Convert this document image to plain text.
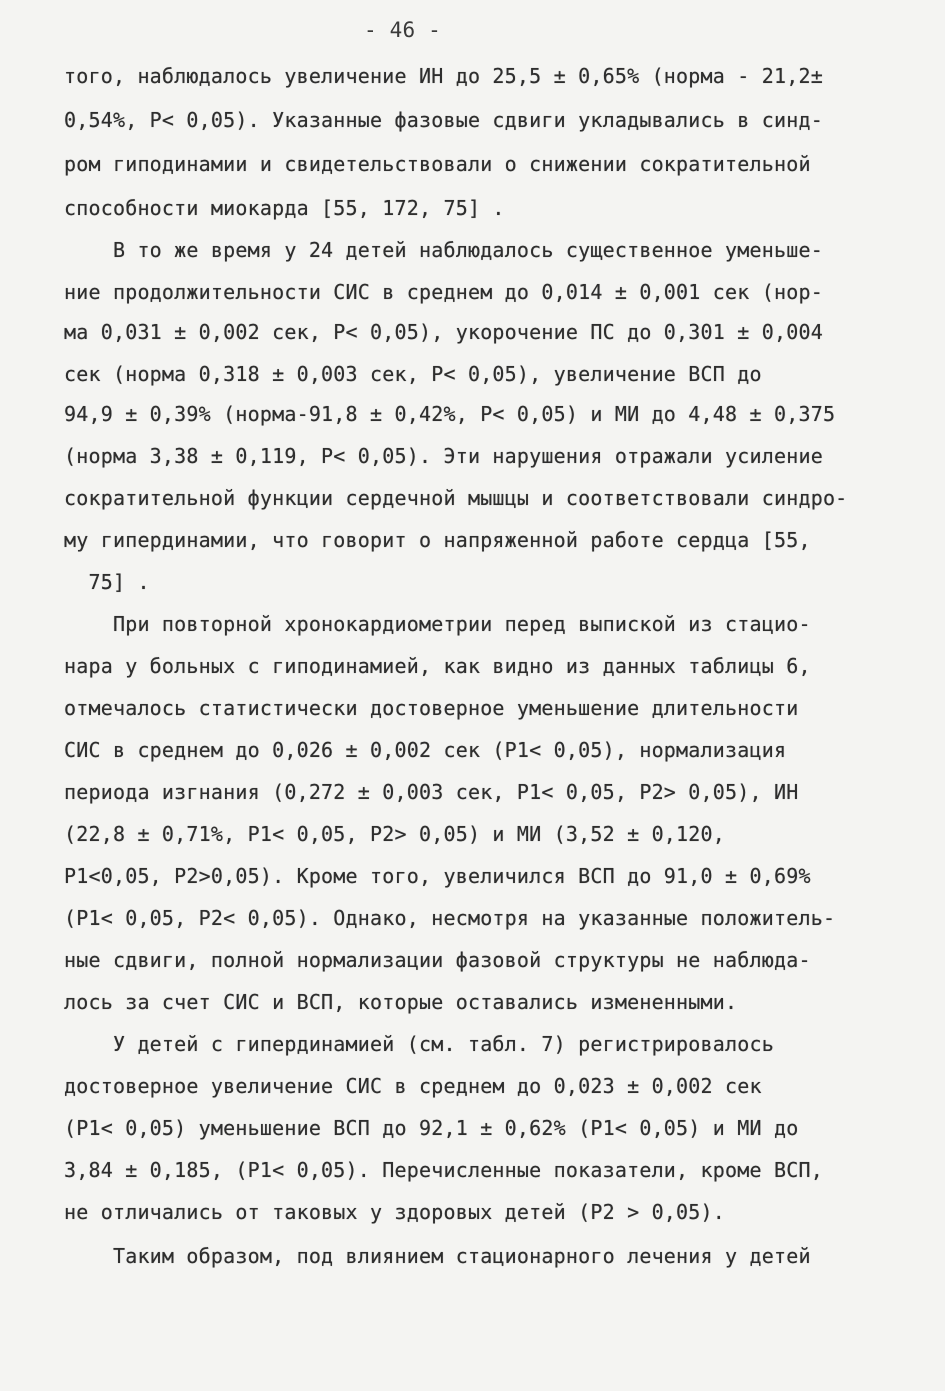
- 46 -
того, наблюдалось увеличение ИН до 25,5 ± 0,65% (норма - 21,2±
0,54%, P< 0,05). Указанные фазовые сдвиги укладывались в синд-
ром гиподинамии и свидетельствовали о снижении сократительной
способности миокарда [55, 172, 75] .
В то же время у 24 детей наблюдалось существенное уменьше-
ние продолжительности СИС в среднем до 0,014 ± 0,001 сек (нор-
ма 0,031 ± 0,002 сек, P< 0,05), укорочение ПС до 0,301 ± 0,004
сек (норма 0,318 ± 0,003 сек, P< 0,05), увеличение ВСП до
94,9 ± 0,39% (норма-91,8 ± 0,42%, P< 0,05) и МИ до 4,48 ± 0,375
(норма 3,38 ± 0,119, P< 0,05). Эти нарушения отражали усиление
сократительной функции сердечной мышцы и соответствовали синдро-
му гипердинамии, что говорит о напряженной работе сердца [55,
75] .
При повторной хронокардиометрии перед выпиской из стацио-
нара у больных с гиподинамией, как видно из данных таблицы 6,
отмечалось статистически достоверное уменьшение длительности
СИС в среднем до 0,026 ± 0,002 сек (P1< 0,05), нормализация
периода изгнания (0,272 ± 0,003 сек, P1< 0,05, P2> 0,05), ИН
(22,8 ± 0,71%, P1< 0,05, P2> 0,05) и МИ (3,52 ± 0,120,
P1<0,05, P2>0,05). Кроме того, увеличился ВСП до 91,0 ± 0,69%
(P1< 0,05, P2< 0,05). Однако, несмотря на указанные положитель-
ные сдвиги, полной нормализации фазовой структуры не наблюда-
лось за счет СИС и ВСП, которые оставались измененными.
У детей с гипердинамией (см. табл. 7) регистрировалось
достоверное увеличение СИС в среднем до 0,023 ± 0,002 сек
(P1< 0,05) уменьшение ВСП до 92,1 ± 0,62% (P1< 0,05) и МИ до
3,84 ± 0,185, (P1< 0,05). Перечисленные показатели, кроме ВСП,
не отличались от таковых у здоровых детей (P2 > 0,05).
Таким образом, под влиянием стационарного лечения у детей
